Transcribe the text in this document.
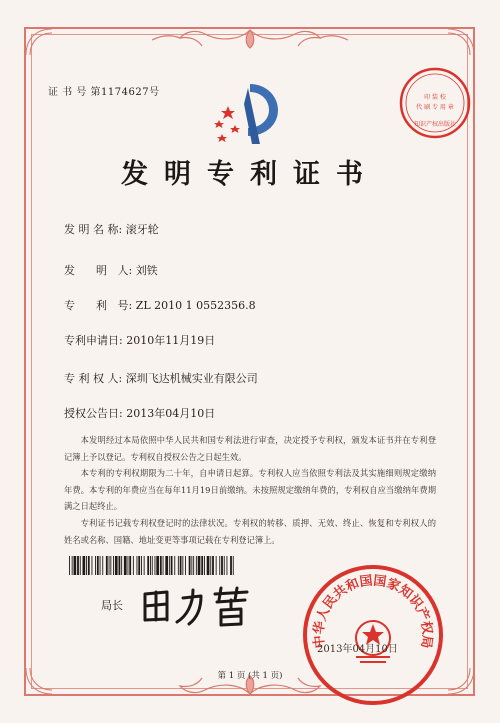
证 书 号 第1174627号	印 装 校
代 刷 专 用 章
知识产权出版社
发明专利证书
发 明 名 称: 滚牙轮
发      明   人: 刘铁
专      利   号: ZL 2010 1 0552356.8
专利申请日: 2010年11月19日
专 利 权 人: 深圳飞达机械实业有限公司
授权公告日: 2013年04月10日

本发明经过本局依照中华人民共和国专利法进行审查，决定授予专利权，颁发本证书并在专利登记簿上予以登记。专利权自授权公告之日起生效。

本专利的专利权期限为二十年，自申请日起算。专利权人应当依照专利法及其实施细则规定缴纳年费。本专利的年费应当在每年11月19日前缴纳。未按照规定缴纳年费的，专利权自应当缴纳年费期满之日起终止。

专利证书记载专利权登记时的法律状况。专利权的转移、质押、无效、终止、恢复和专利权人的姓名或名称、国籍、地址变更等事项记载在专利登记簿上。

局长
中华人民共和国国家知识产权局
2013年04月10日
第 1 页 (共 1 页)
